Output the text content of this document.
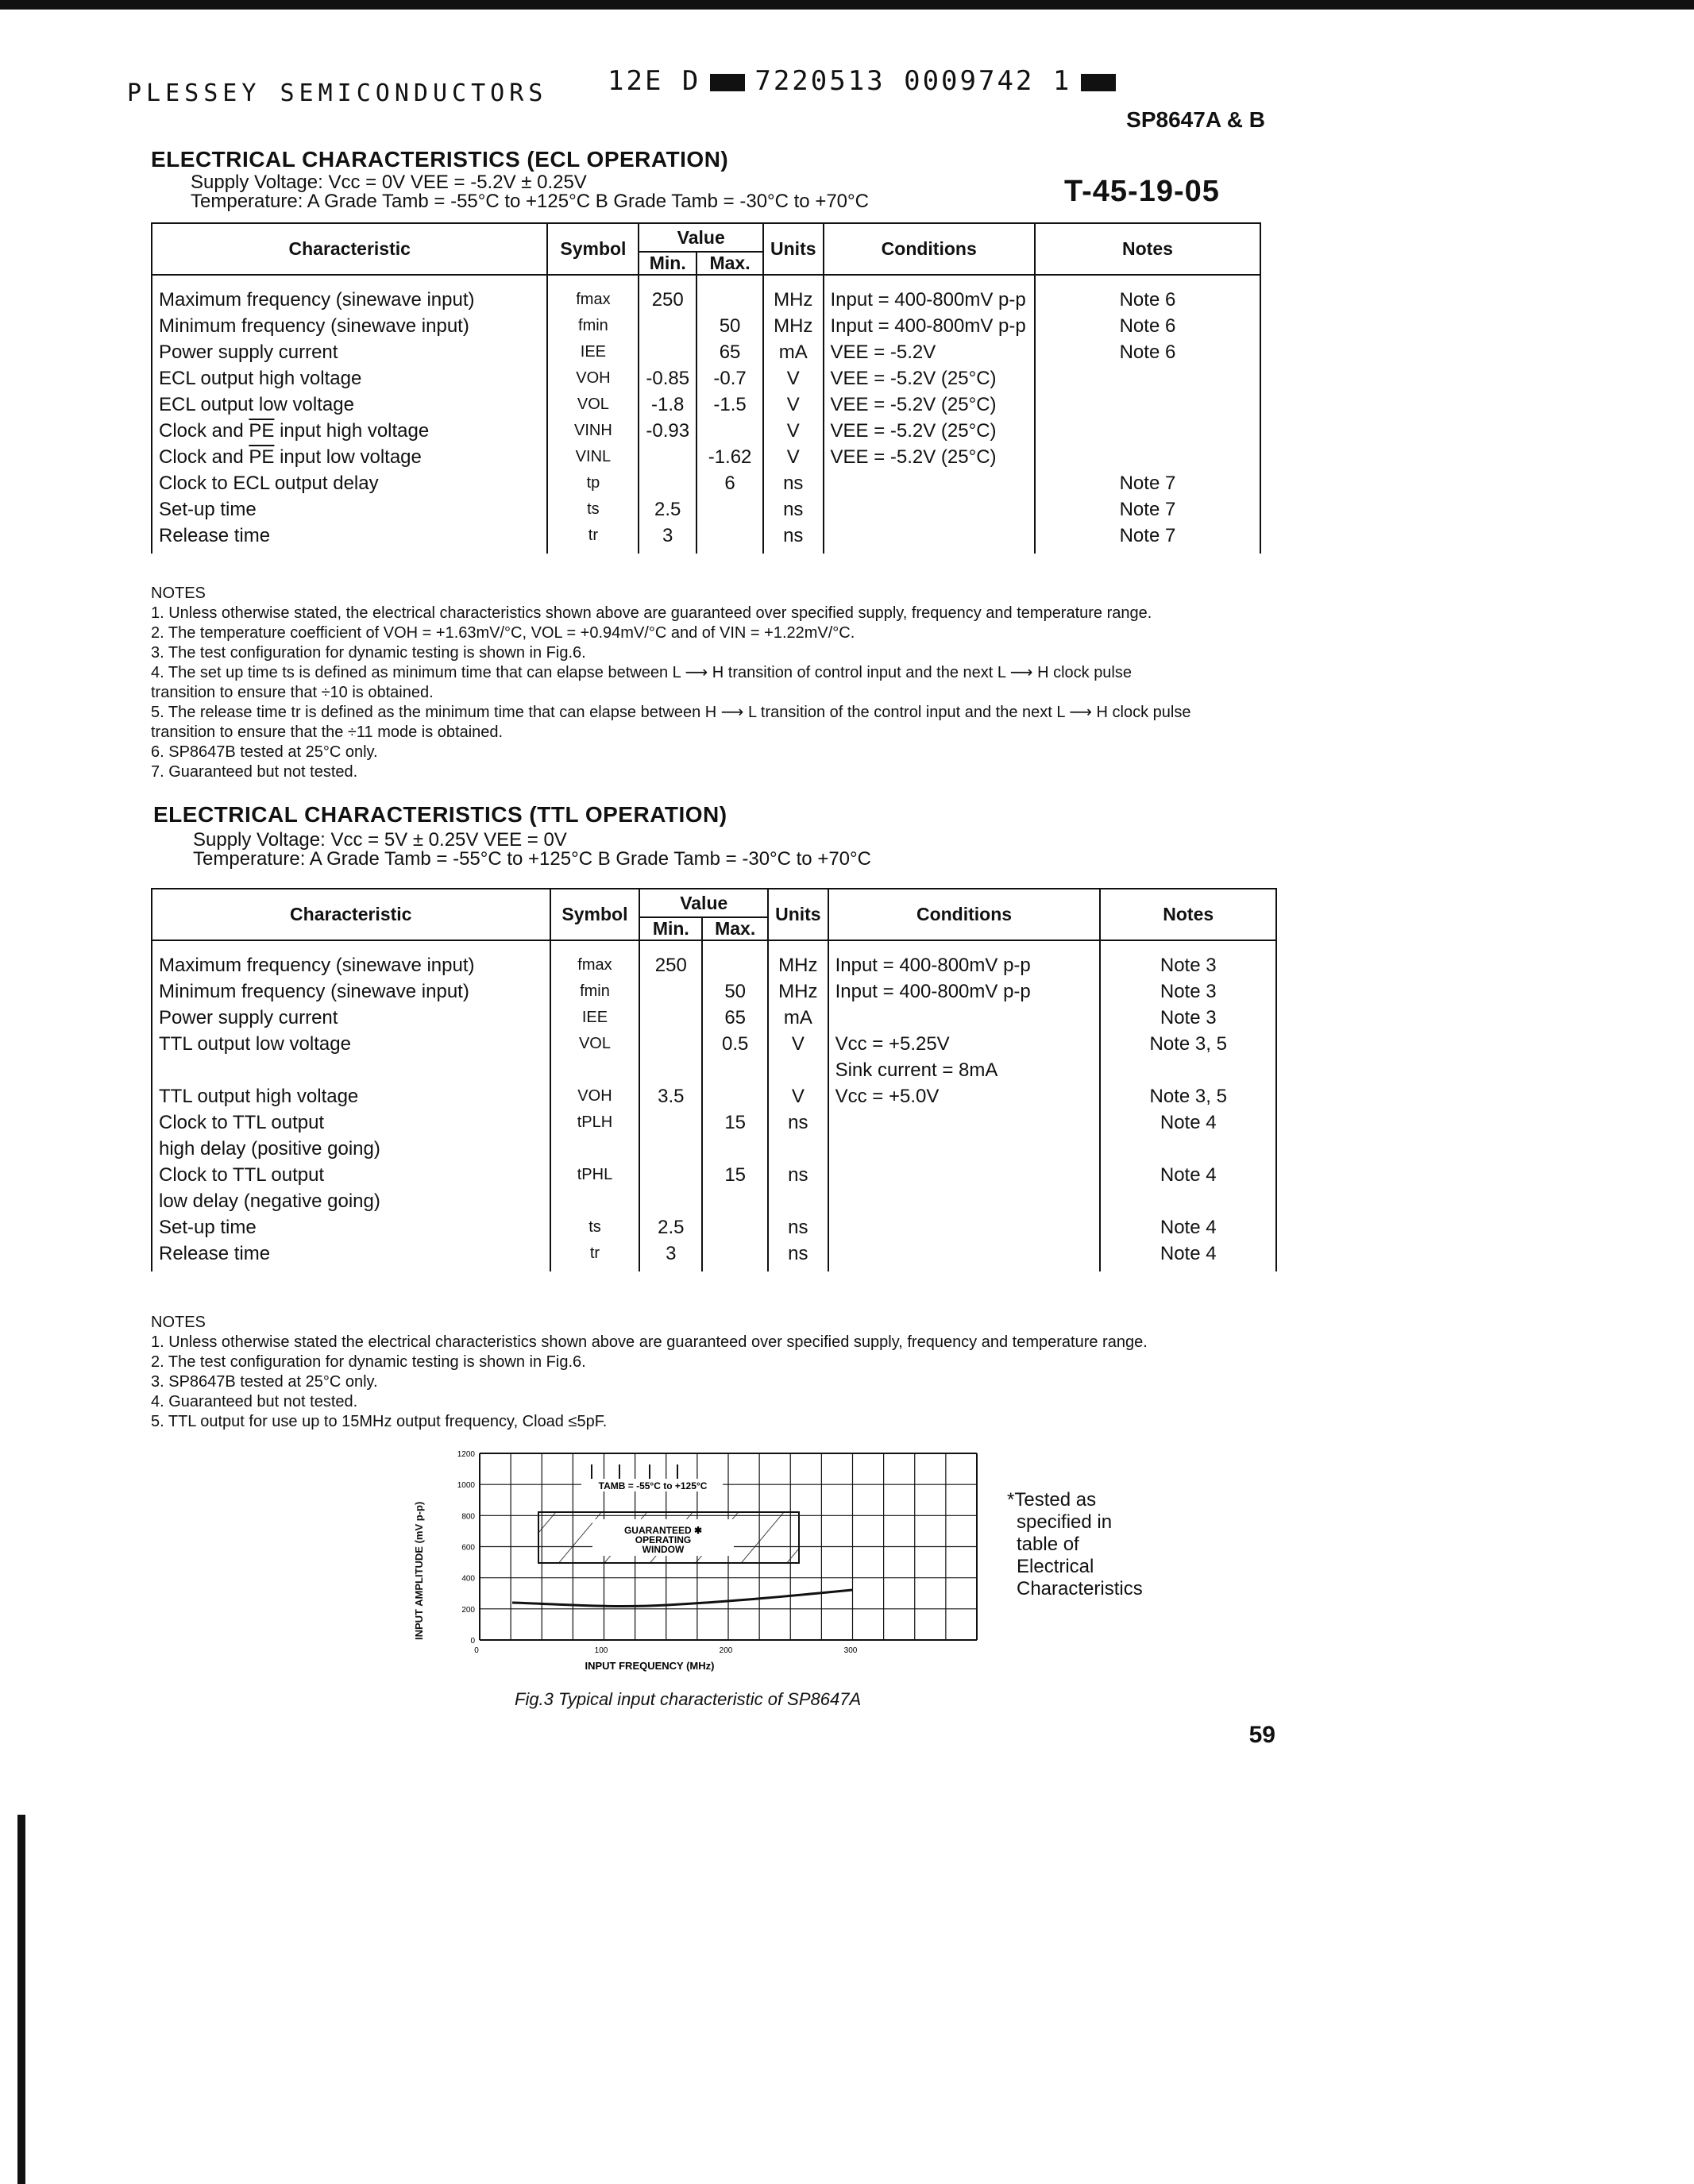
PLESSEY SEMICONDUCTORS 12E D 7220513 0009742 1
SP8647A & B
ELECTRICAL CHARACTERISTICS (ECL OPERATION)
Supply Voltage: Vcc = 0V VEE = -5.2V ± 0.25V
Temperature: A Grade Tamb = -55°C to +125°C B Grade Tamb = -30°C to +70°C	T-45-19-05
Characteristic	Symbol	Value		Units	Conditions	Notes
		Min.	Max.			
Maximum frequency (sinewave input)	fmax	250		MHz	Input = 400-800mV p-p	Note 6
Minimum frequency (sinewave input)	fmin		50	MHz	Input = 400-800mV p-p	Note 6
Power supply current	IEE		65	mA	VEE = -5.2V	Note 6
ECL output high voltage	VOH	-0.85	-0.7	V	VEE = -5.2V (25°C)	
ECL output low voltage	VOL	-1.8	-1.5	V	VEE = -5.2V (25°C)	
Clock and $\overline{PE}$ input high voltage	VINH	-0.93		V	VEE = -5.2V (25°C)	
Clock and $\overline{PE}$ input low voltage	VINL		-1.62	V	VEE = -5.2V (25°C)	
Clock to ECL output delay	tp		6	ns		Note 7
Set-up time	ts	2.5		ns		Note 7
Release time	tr	3		ns		Note 7
NOTES
1. Unless otherwise stated, the electrical characteristics shown above are guaranteed over specified supply, frequency and temperature range.
2. The temperature coefficient of VOH = +1.63mV/°C, VOL = +0.94mV/°C and of VIN = +1.22mV/°C.
3. The test configuration for dynamic testing is shown in Fig.6.
4. The set up time ts is defined as minimum time that can elapse between L ⟶ H transition of control input and the next L ⟶ H clock pulse
transition to ensure that ÷10 is obtained.
5. The release time tr is defined as the minimum time that can elapse between H ⟶ L transition of the control input and the next L ⟶ H clock pulse
transition to ensure that the ÷11 mode is obtained.
6. SP8647B tested at 25°C only.
7. Guaranteed but not tested.
ELECTRICAL CHARACTERISTICS (TTL OPERATION)
Supply Voltage: Vcc = 5V ± 0.25V VEE = 0V
Temperature: A Grade Tamb = -55°C to +125°C B Grade Tamb = -30°C to +70°C
Characteristic	Symbol	Value		Units	Conditions	Notes
		Min.	Max.			
Maximum frequency (sinewave input)	fmax	250		MHz	Input = 400-800mV p-p	Note 3
Minimum frequency (sinewave input)	fmin		50	MHz	Input = 400-800mV p-p	Note 3
Power supply current	IEE		65	mA		Note 3
TTL output low voltage	VOL		0.5	V	Vcc = +5.25V	Note 3, 5
					Sink current = 8mA	
TTL output high voltage	VOH	3.5		V	Vcc = +5.0V	Note 3, 5
Clock to TTL output	tPLH		15	ns		Note 4
high delay (positive going)						
Clock to TTL output	tPHL		15	ns		Note 4
low delay (negative going)						
Set-up time	ts	2.5		ns		Note 4
Release time	tr	3		ns		Note 4
NOTES
1. Unless otherwise stated the electrical characteristics shown above are guaranteed over specified supply, frequency and temperature range.
2. The test configuration for dynamic testing is shown in Fig.6.
3. SP8647B tested at 25°C only.
4. Guaranteed but not tested.
5. TTL output for use up to 15MHz output frequency, Cload ≤5pF.
INPUT AMPLITUDE (mV p-p)
0
200
400
600
800
1000
1200
0	100	200	300
GUARANTEED ✱
OPERATING
WINDOW
TAMB = -55°C to +125°C
INPUT FREQUENCY (MHz)
*Tested as
specified in
table of
Electrical
Characteristics
Fig.3 Typical input characteristic of SP8647A
59
